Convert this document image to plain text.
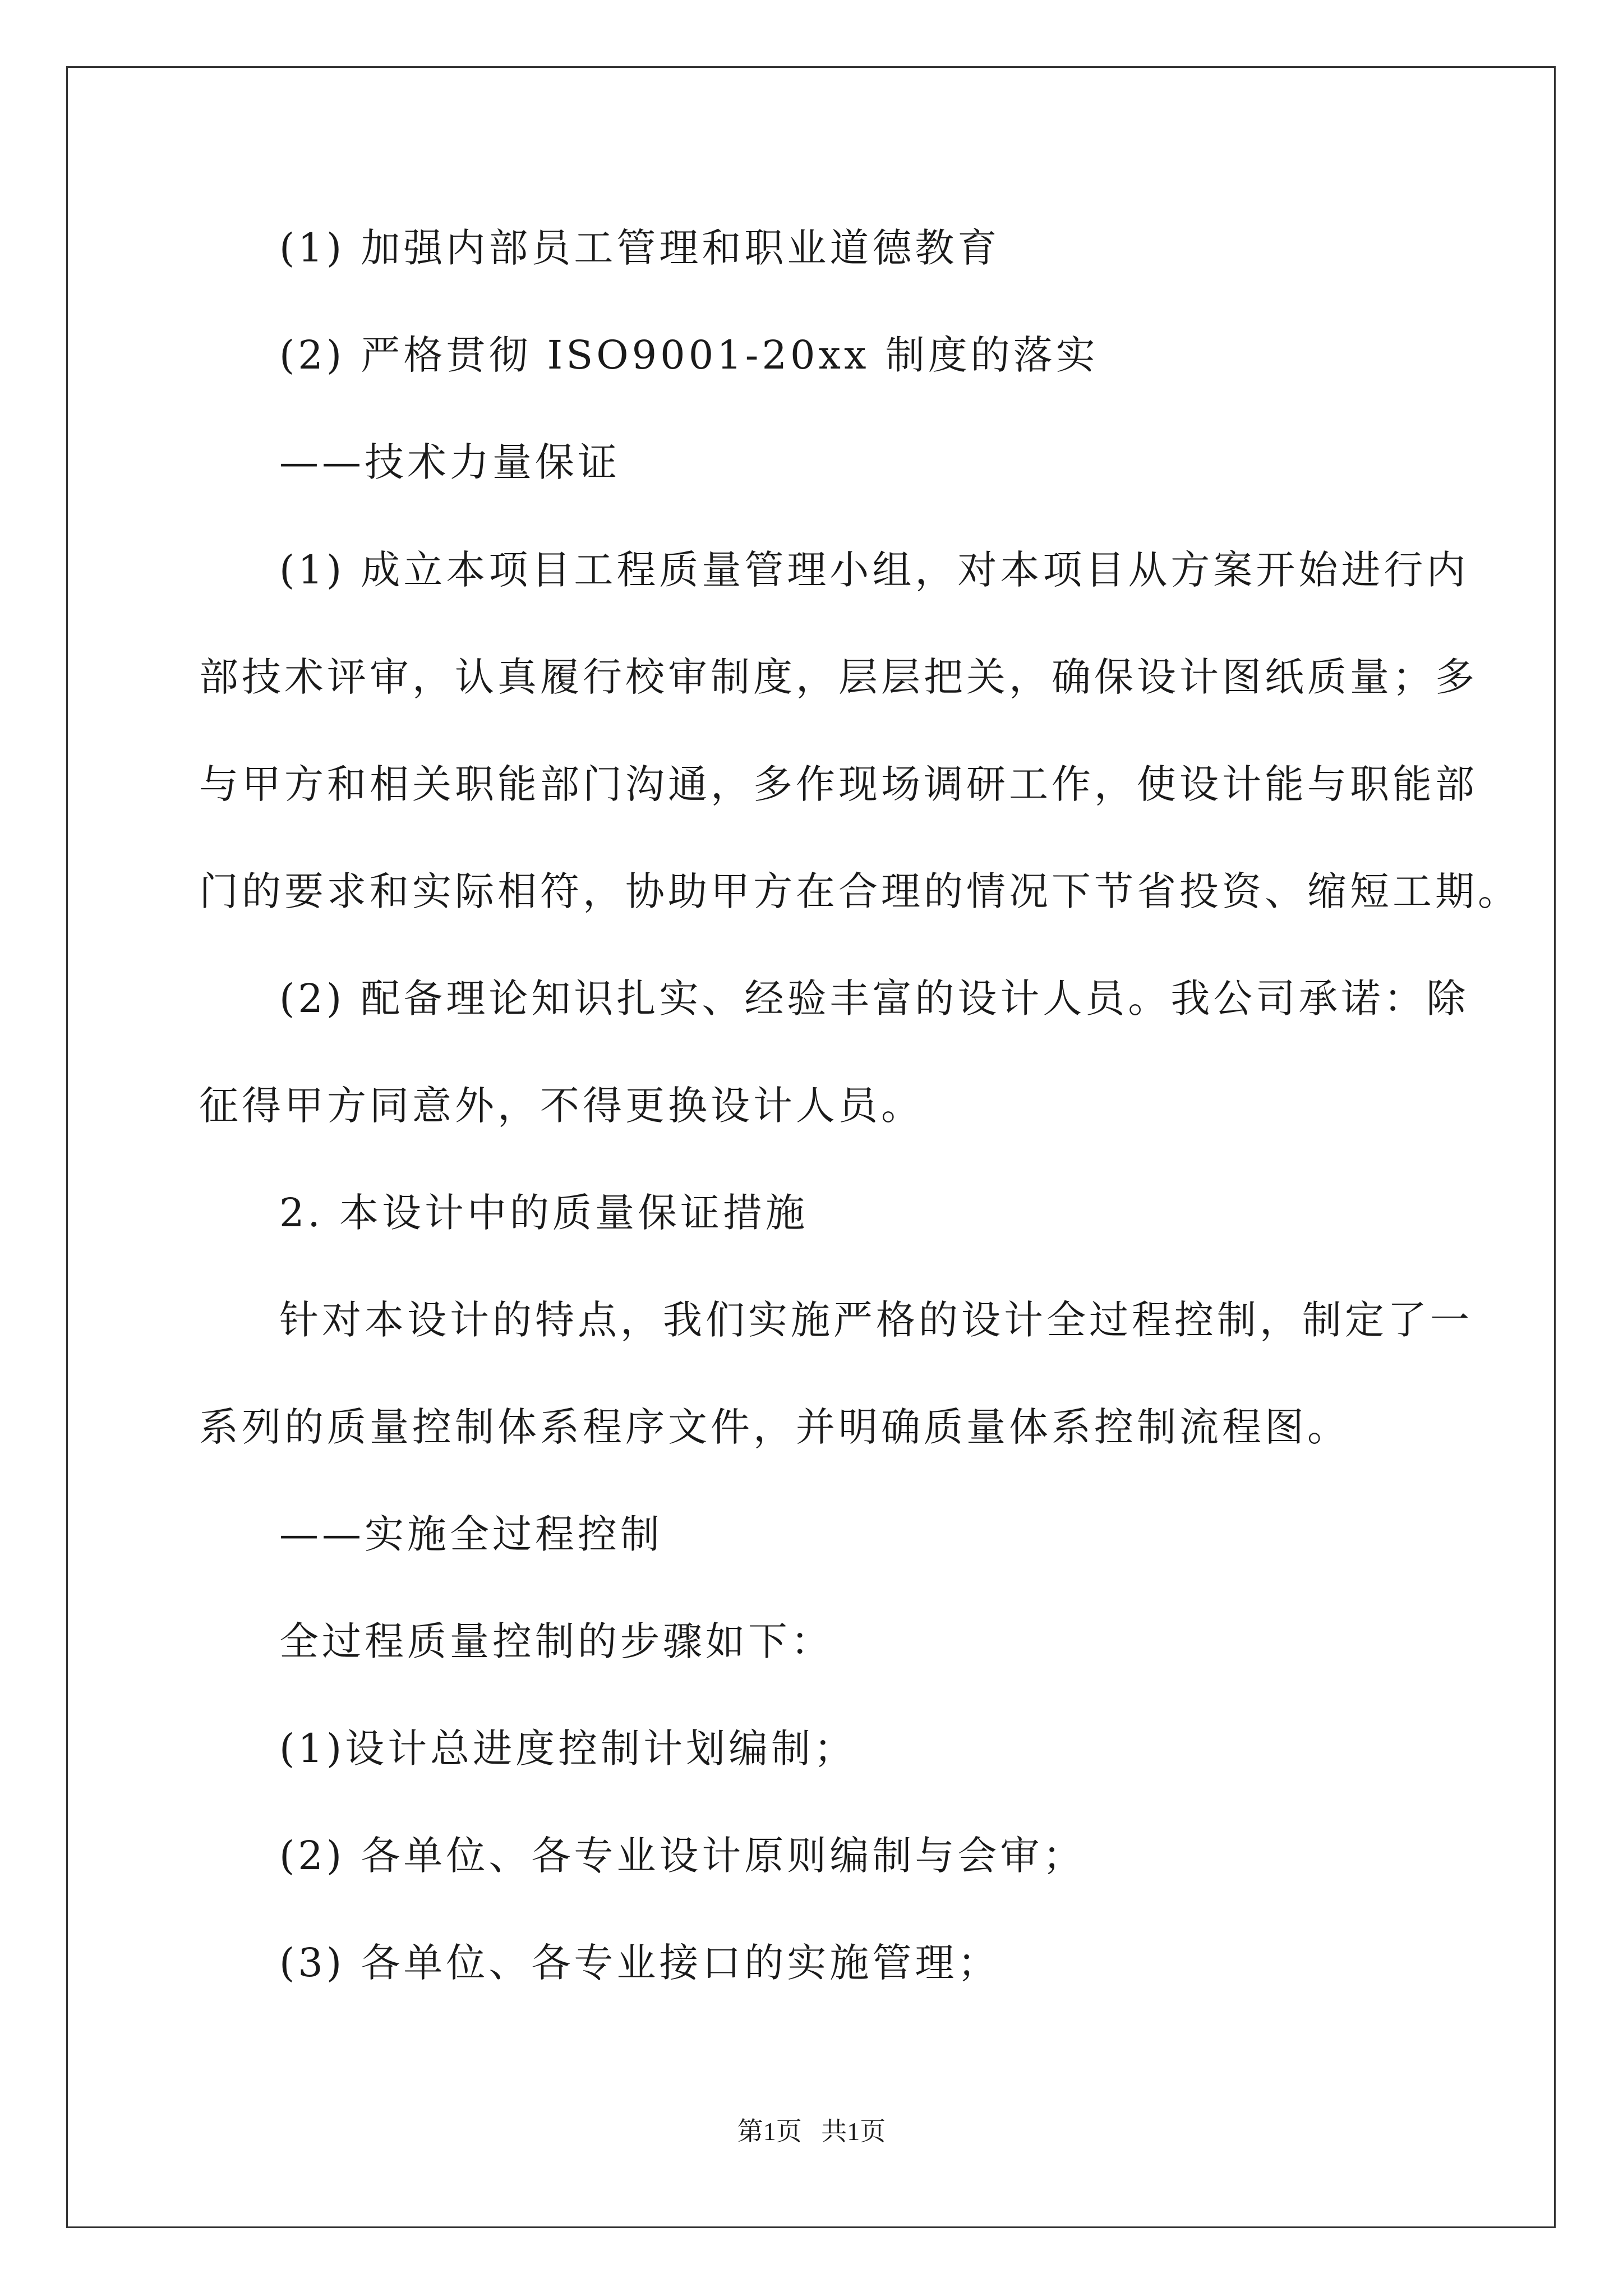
(1) 加强内部员工管理和职业道德教育

(2) 严格贯彻 ISO9001-20xx 制度的落实

——技术力量保证

(1) 成立本项目工程质量管理小组，对本项目从方案开始进行内

部技术评审，认真履行校审制度，层层把关，确保设计图纸质量；多

与甲方和相关职能部门沟通，多作现场调研工作，使设计能与职能部

门的要求和实际相符，协助甲方在合理的情况下节省投资、缩短工期。

(2) 配备理论知识扎实、经验丰富的设计人员。我公司承诺：除

征得甲方同意外，不得更换设计人员。

2. 本设计中的质量保证措施

针对本设计的特点，我们实施严格的设计全过程控制，制定了一

系列的质量控制体系程序文件，并明确质量体系控制流程图。

——实施全过程控制

全过程质量控制的步骤如下：

(1)设计总进度控制计划编制；

(2) 各单位、各专业设计原则编制与会审；

(3) 各单位、各专业接口的实施管理；

第1页   共1页
